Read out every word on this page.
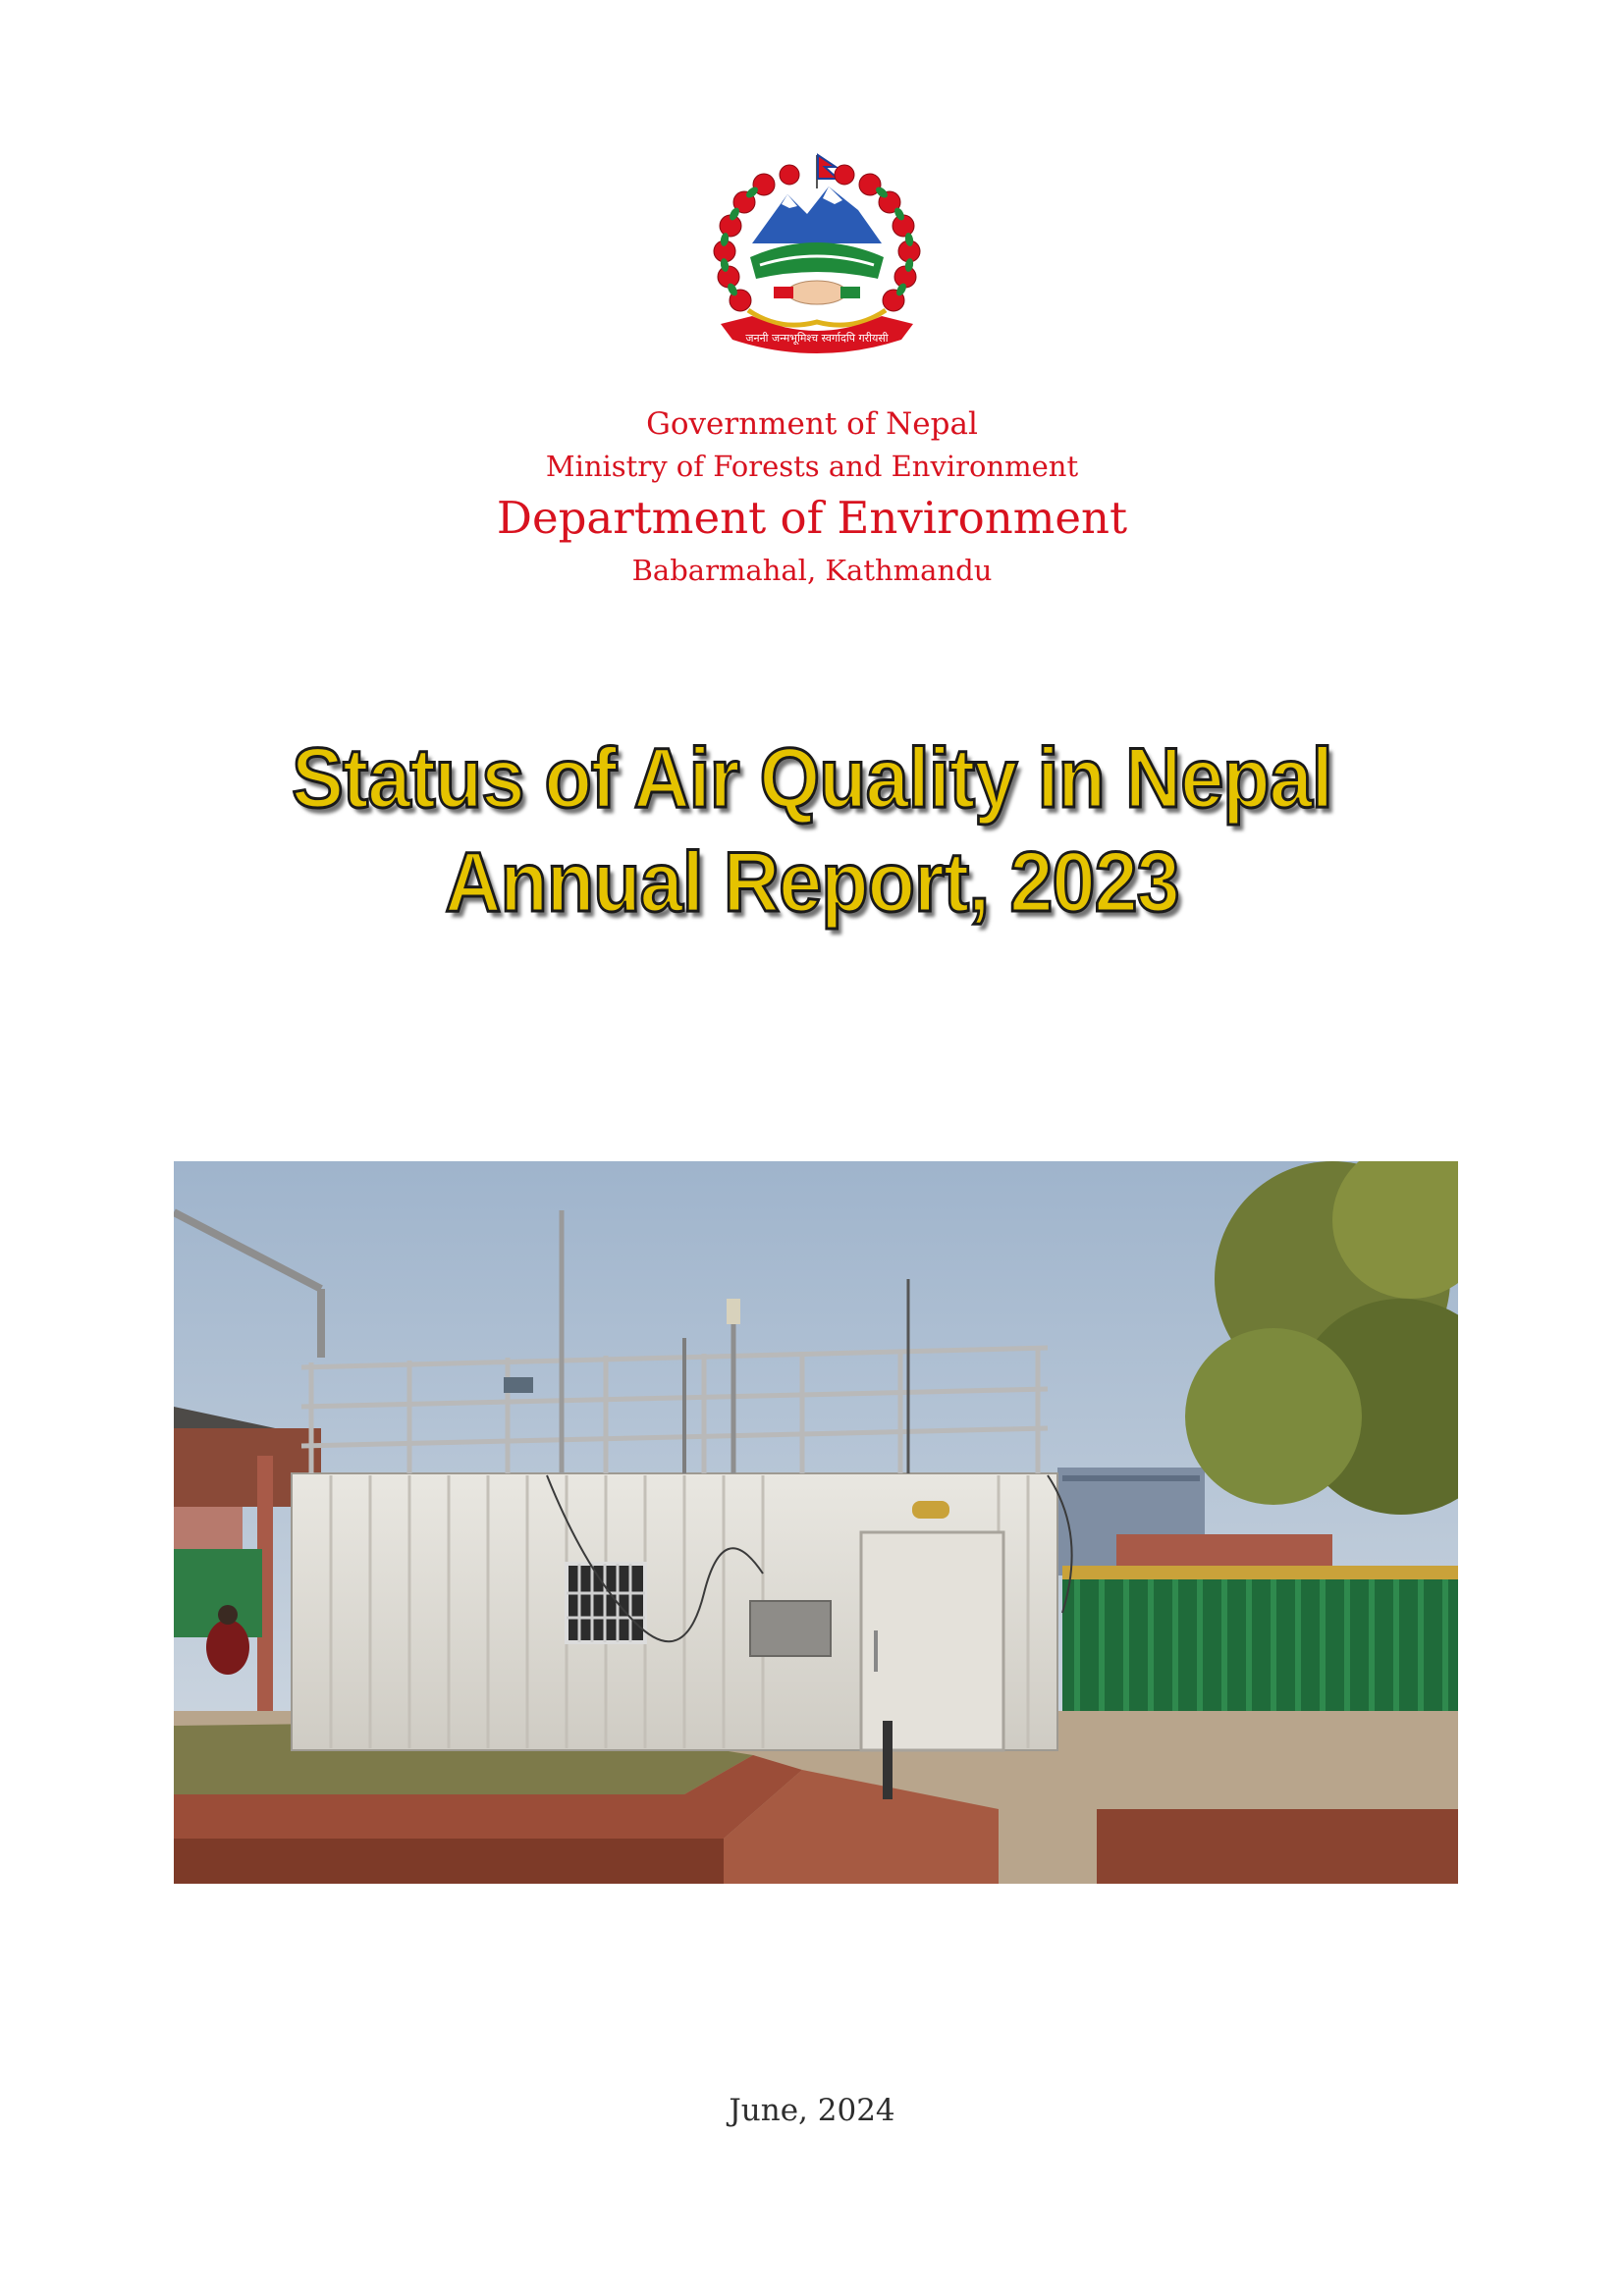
जननी जन्मभूमिश्च स्वर्गादपि गरीयसी
Government of Nepal
Ministry of Forests and Environment
Department of Environment
Babarmahal, Kathmandu
Status of Air Quality in Nepal
Annual Report, 2023
June, 2024
